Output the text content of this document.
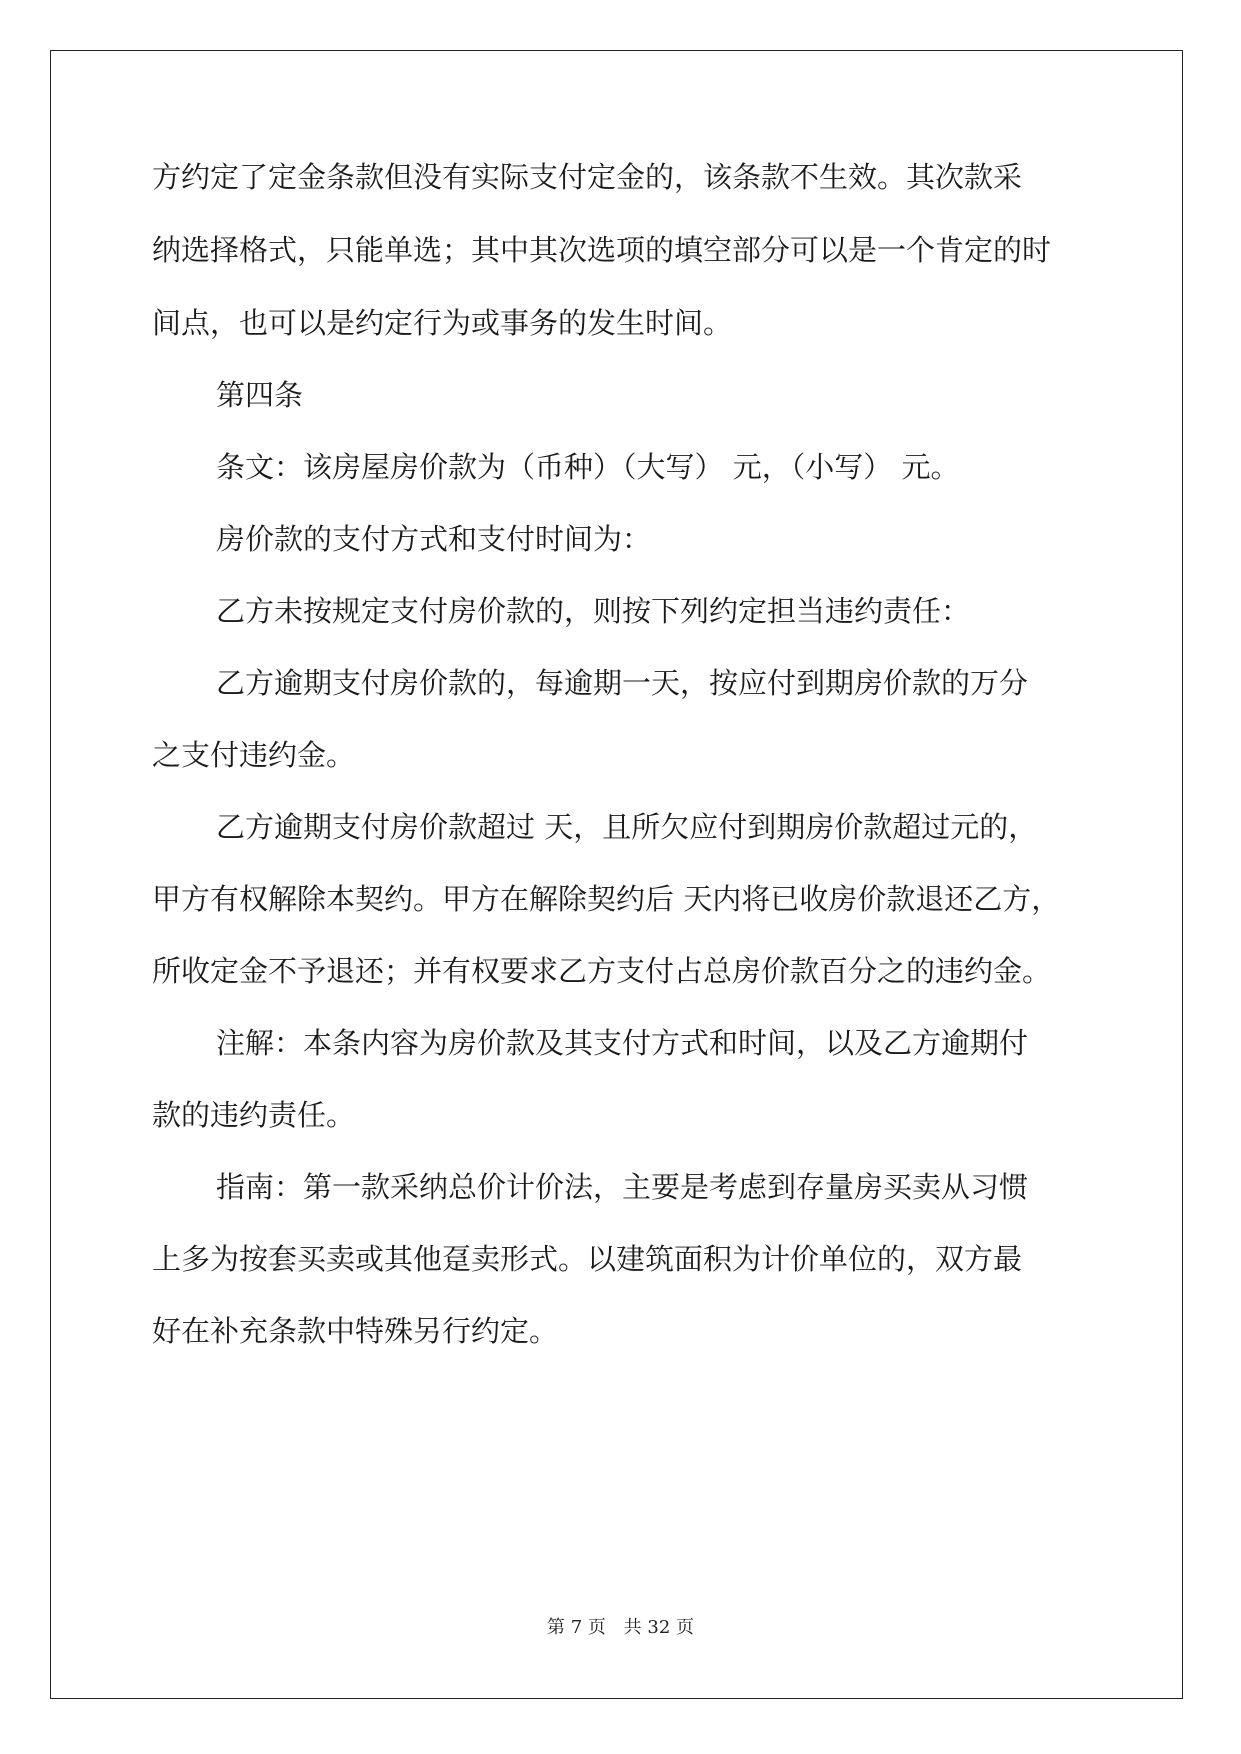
方约定了定金条款但没有实际支付定金的，该条款不生效。其次款采
纳选择格式，只能单选；其中其次选项的填空部分可以是一个肯定的时
间点，也可以是约定行为或事务的发生时间。
第四条
条文：该房屋房价款为（币种）（大写） 元，（小写） 元。
房价款的支付方式和支付时间为：
乙方未按规定支付房价款的，则按下列约定担当违约责任：
乙方逾期支付房价款的，每逾期一天，按应付到期房价款的万分
之支付违约金。
乙方逾期支付房价款超过 天，且所欠应付到期房价款超过元的，
甲方有权解除本契约。甲方在解除契约后 天内将已收房价款退还乙方，
所收定金不予退还；并有权要求乙方支付占总房价款百分之的违约金。
注解：本条内容为房价款及其支付方式和时间，以及乙方逾期付
款的违约责任。
指南：第一款采纳总价计价法，主要是考虑到存量房买卖从习惯
上多为按套买卖或其他趸卖形式。以建筑面积为计价单位的，双方最
好在补充条款中特殊另行约定。
第 7 页 共 32 页
